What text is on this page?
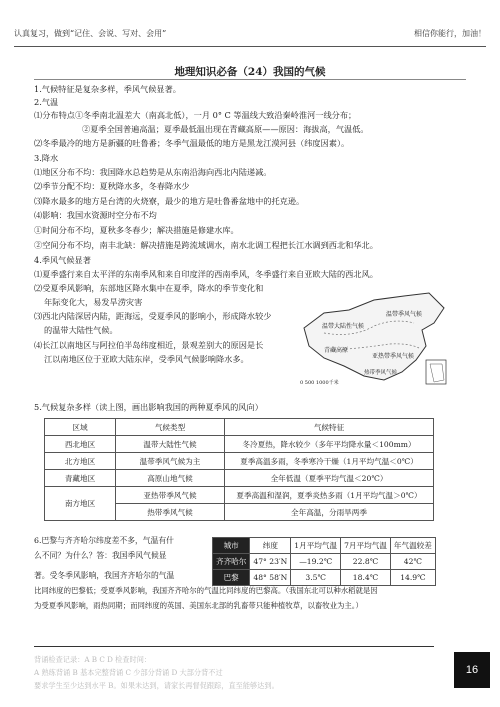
认真复习，做到“记住、会说、写对、会用”	相信你能行，加油！
地理知识必备（24）我国的气候
1.气候特征是复杂多样，季风气候显著。
2.气温
⑴分布特点①冬季南北温差大（南高北低），一月 0° C 等温线大致沿秦岭淮河一线分布；
②夏季全国普遍高温；夏季最低温出现在青藏高原——原因：海拔高，气温低。
⑵冬季最冷的地方是新疆的吐鲁番；冬季气温最低的地方是黑龙江漠河县（纬度因素）。
3.降水
⑴地区分布不均：我国降水总趋势是从东南沿海向西北内陆递减。
⑵季节分配不均：夏秋降水多，冬春降水少
⑶降水最多的地方是台湾的火烧寮，最少的地方是吐鲁番盆地中的托克逊。
⑷影响：我国水资源时空分布不均
①时间分布不均，夏秋多冬春少；解决措施是修建水库。
②空间分布不均，南丰北缺：解决措施是跨流域调水，南水北调工程把长江水调到西北和华北。
4.季风气候显著
⑴夏季盛行来自太平洋的东南季风和来自印度洋的西南季风，冬季盛行来自亚欧大陆的西北风。
⑵受夏季风影响，东部地区降水集中在夏季，降水的季节变化和
年际变化大，易发旱涝灾害
⑶西北内陆深居内陆，距海远，受夏季风的影响小，形成降水较少
的温带大陆性气候。
⑷长江以南地区与阿拉伯半岛纬度相近，景观差别大的原因是长
江以南地区位于亚欧大陆东岸，受季风气候影响降水多。
5.气候复杂多样（读上图，画出影响我国的两种夏季风的风向）
温带季风气候
温带大陆性气候
青藏高原
亚热带季风气候
热带季风气候
0 500 1000千米
区域	气候类型	气候特征
西北地区	温带大陆性气候	冬冷夏热，降水较少（多年平均降水量＜100mm）
北方地区	温带季风气候为主	夏季高温多雨，冬季寒冷干燥（1月平均气温＜0℃）
青藏地区	高原山地气候	全年低温（夏季平均气温＜20℃）
南方地区	亚热带季风气候	夏季高温和湿润，夏季炎热多雨（1月平均气温＞0℃）
	热带季风气候	全年高温，分雨旱两季
6.巴黎与齐齐哈尔纬度差不多，气温有什
么不同？为什么？答：我国季风气候显
著。受冬季风影响，我国齐齐哈尔的气温
比同纬度的巴黎低；受夏季风影响，我国齐齐哈尔的气温比同纬度的巴黎高。（我国东北可以种水稻就是因
为受夏季风影响，雨热同期；而同纬度的英国、美国东北部的乳畜带只能种植牧草，以畜牧业为主。）
城市	纬度	1月平均气温	7月平均气温	年气温较差
齐齐哈尔	47° 23′N	—19.2℃	22.8℃	42℃
巴黎	48° 58′N	3.5℃	18.4℃	14.9℃
背诵检查记录：A B C D 检查时间：
A 熟练背诵 B 基本完整背诵 C 少部分背诵 D 大部分背不过
要求学生至少达到水平 B。如果未达到，请家长再督促跟踪，直至能够达到。
16
